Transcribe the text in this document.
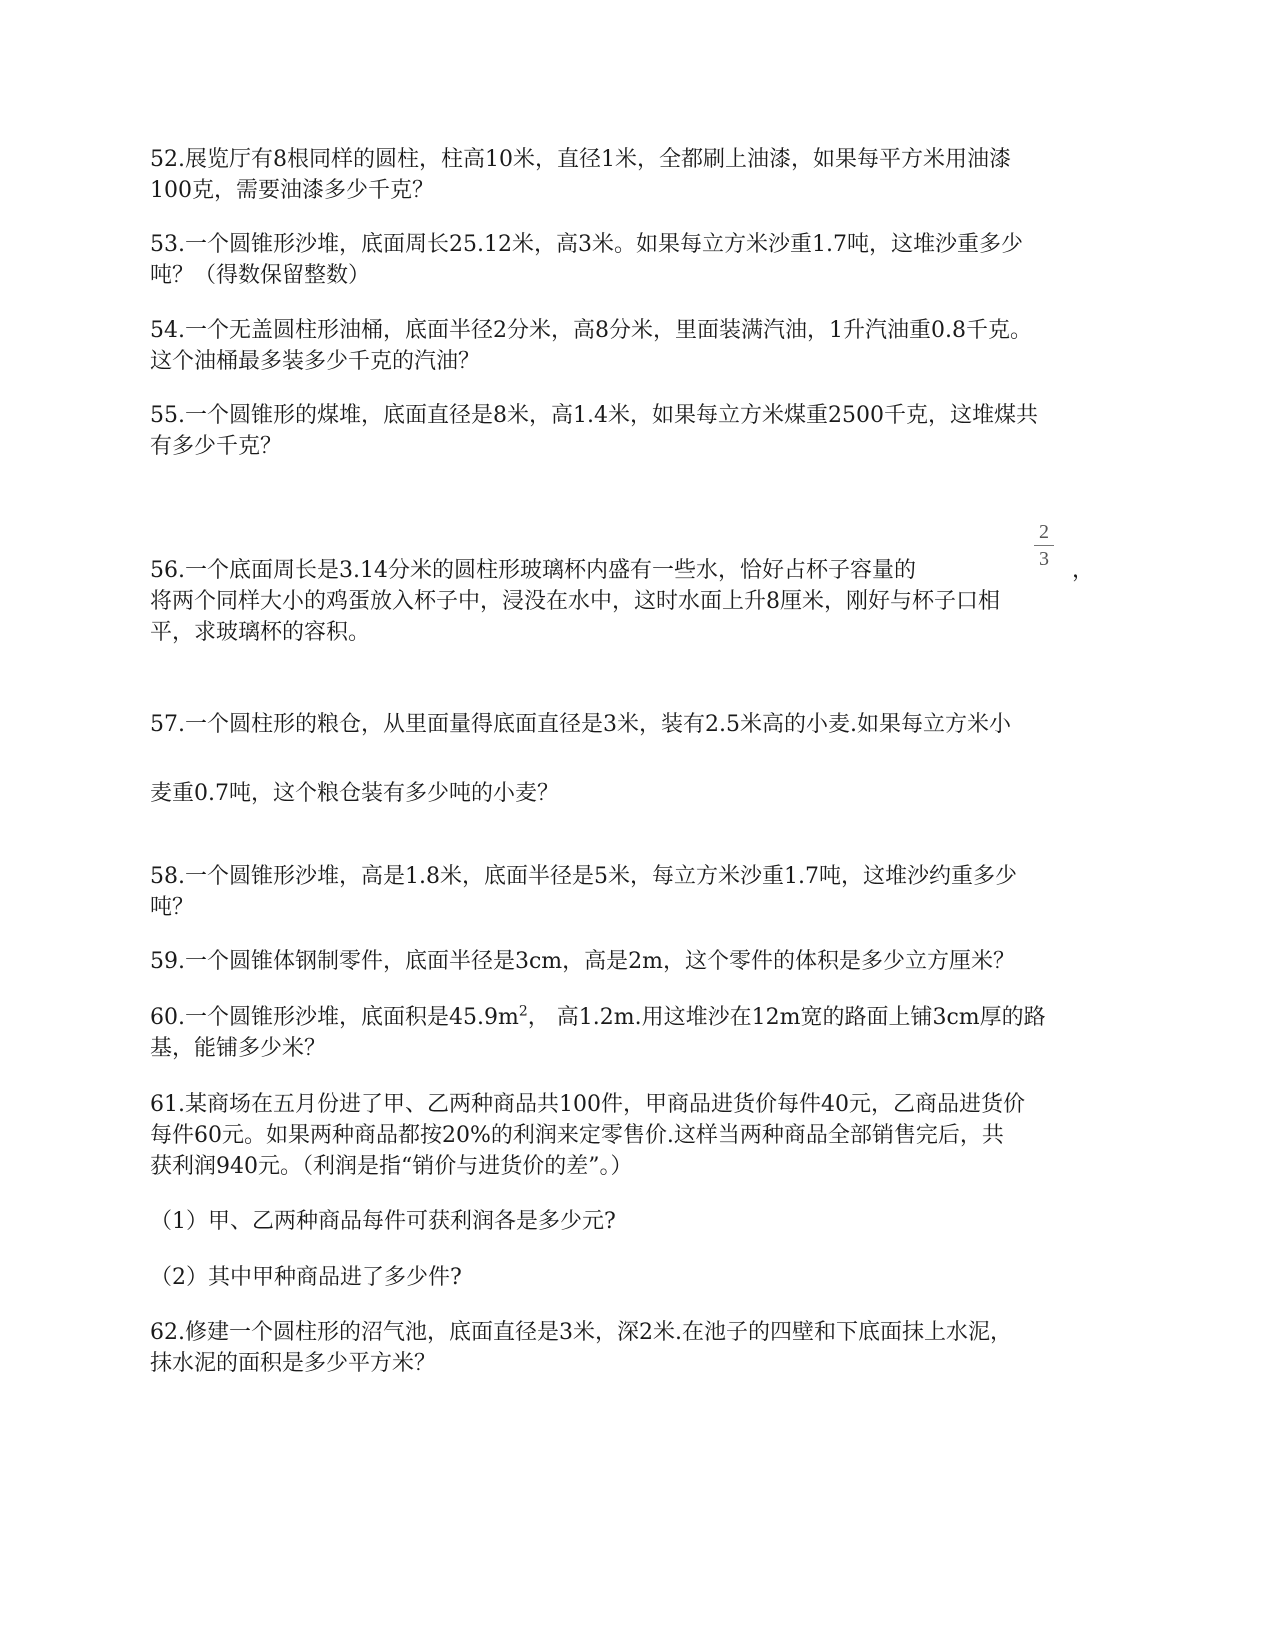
52.展览厅有8根同样的圆柱，柱高10米，直径1米，全都刷上油漆，如果每平方米用油漆
100克，需要油漆多少千克？
53.一个圆锥形沙堆，底面周长25.12米，高3米。如果每立方米沙重1.7吨，这堆沙重多少
吨？（得数保留整数）
54.一个无盖圆柱形油桶，底面半径2分米，高8分米，里面装满汽油，1升汽油重0.8千克。
这个油桶最多装多少千克的汽油？
55.一个圆锥形的煤堆，底面直径是8米，高1.4米，如果每立方米煤重2500千克，这堆煤共
有多少千克？
2
3
56.一个底面周长是3.14分米的圆柱形玻璃杯内盛有一些水，恰好占杯子容量的	，
将两个同样大小的鸡蛋放入杯子中，浸没在水中，这时水面上升8厘米，刚好与杯子口相
平，求玻璃杯的容积。
57.一个圆柱形的粮仓，从里面量得底面直径是3米，装有2.5米高的小麦.如果每立方米小
麦重0.7吨，这个粮仓装有多少吨的小麦？
58.一个圆锥形沙堆，高是1.8米，底面半径是5米，每立方米沙重1.7吨，这堆沙约重多少
吨？
59.一个圆锥体钢制零件，底面半径是3cm，高是2m，这个零件的体积是多少立方厘米？
60.一个圆锥形沙堆，底面积是$45.9m^2$， 高1.2m.用这堆沙在12m宽的路面上铺3cm厚的路
基，能铺多少米？
61.某商场在五月份进了甲、乙两种商品共100件，甲商品进货价每件40元，乙商品进货价
每件60元。如果两种商品都按20%的利润来定零售价.这样当两种商品全部销售完后，共
获利润940元。（利润是指“销价与进货价的差”。）
（1）甲、乙两种商品每件可获利润各是多少元?
（2）其中甲种商品进了多少件?
62.修建一个圆柱形的沼气池，底面直径是3米，深2米.在池子的四壁和下底面抹上水泥，
抹水泥的面积是多少平方米？
